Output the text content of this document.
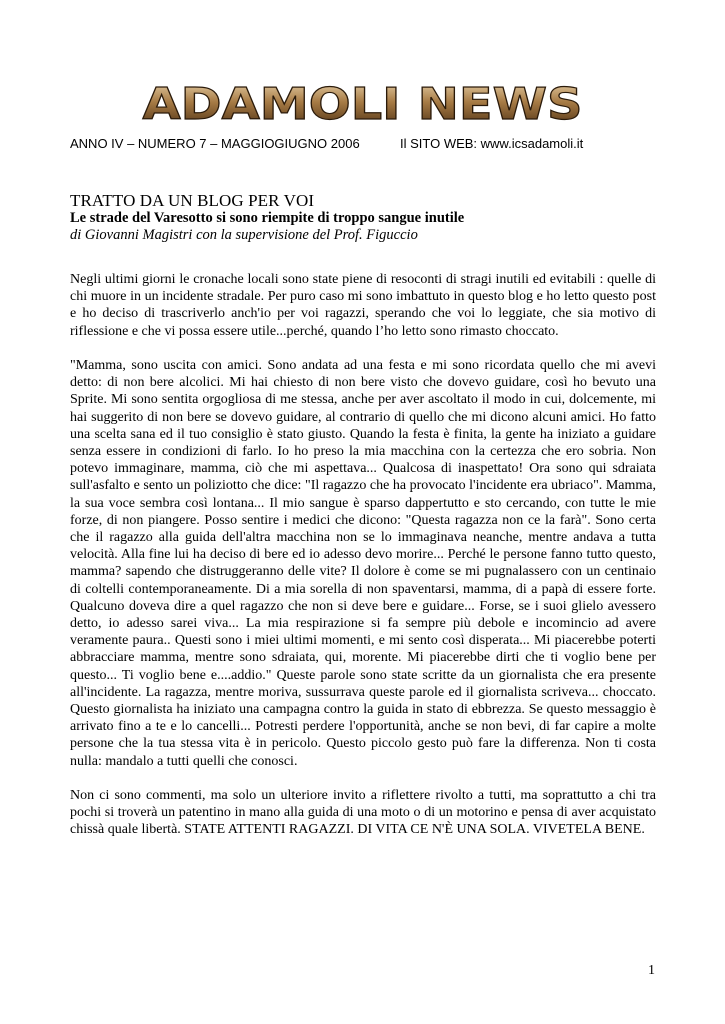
ADAMOLI NEWS
ANNO IV – NUMERO 7 – MAGGIOGIUGNO 2006	Il SITO WEB: www.icsadamoli.it
TRATTO DA UN BLOG PER VOI
Le strade del Varesotto si sono riempite di troppo sangue inutile
di Giovanni Magistri con la supervisione del Prof. Figuccio

Negli ultimi giorni le cronache locali sono state piene di resoconti di stragi inutili ed evitabili : quelle di chi muore in un incidente stradale. Per puro caso mi sono imbattuto in questo blog e ho letto questo post e ho deciso di trascriverlo anch'io per voi ragazzi, sperando che voi lo leggiate, che sia motivo di riflessione e che vi possa essere utile...perché, quando l’ho letto sono rimasto choccato.

"Mamma, sono uscita con amici. Sono andata ad una festa e mi sono ricordata quello che mi avevi detto: di non bere alcolici. Mi hai chiesto di non bere visto che dovevo guidare, così ho bevuto una Sprite. Mi sono sentita orgogliosa di me stessa, anche per aver ascoltato il modo in cui, dolcemente, mi hai suggerito di non bere se dovevo guidare, al contrario di quello che mi dicono alcuni amici. Ho fatto una scelta sana ed il tuo consiglio è stato giusto. Quando la festa è finita, la gente ha iniziato a guidare senza essere in condizioni di farlo. Io ho preso la mia macchina con la certezza che ero sobria. Non potevo immaginare, mamma, ciò che mi aspettava... Qualcosa di inaspettato! Ora sono qui sdraiata sull'asfalto e sento un poliziotto che dice: "Il ragazzo che ha provocato l'incidente era ubriaco". Mamma, la sua voce sembra così lontana... Il mio sangue è sparso dappertutto e sto cercando, con tutte le mie forze, di non piangere. Posso sentire i medici che dicono: "Questa ragazza non ce la farà". Sono certa che il ragazzo alla guida dell'altra macchina non se lo immaginava neanche, mentre andava a tutta velocità. Alla fine lui ha deciso di bere ed io adesso devo morire... Perché le persone fanno tutto questo, mamma? sapendo che distruggeranno delle vite? Il dolore è come se mi pugnalassero con un centinaio di coltelli contemporaneamente. Di a mia sorella di non spaventarsi, mamma, di a papà di essere forte. Qualcuno doveva dire a quel ragazzo che non si deve bere e guidare... Forse, se i suoi glielo avessero detto, io adesso sarei viva... La mia respirazione si fa sempre più debole e incomincio ad avere veramente paura.. Questi sono i miei ultimi momenti, e mi sento così disperata... Mi piacerebbe poterti abbracciare mamma, mentre sono sdraiata, qui, morente. Mi piacerebbe dirti che ti voglio bene per questo... Ti voglio bene e....addio." Queste parole sono state scritte da un giornalista che era presente all'incidente. La ragazza, mentre moriva, sussurrava queste parole ed il giornalista scriveva... choccato. Questo giornalista ha iniziato una campagna contro la guida in stato di ebbrezza. Se questo messaggio è arrivato fino a te e lo cancelli... Potresti perdere l'opportunità, anche se non bevi, di far capire a molte persone che la tua stessa vita è in pericolo. Questo piccolo gesto può fare la differenza. Non ti costa nulla: mandalo a tutti quelli che conosci.

Non ci sono commenti, ma solo un ulteriore invito a riflettere rivolto a tutti, ma soprattutto a chi tra pochi si troverà un patentino in mano alla guida di una moto o di un motorino e pensa di aver acquistato chissà quale libertà. STATE ATTENTI RAGAZZI. DI VITA CE N'È UNA SOLA. VIVETELA BENE.

1
